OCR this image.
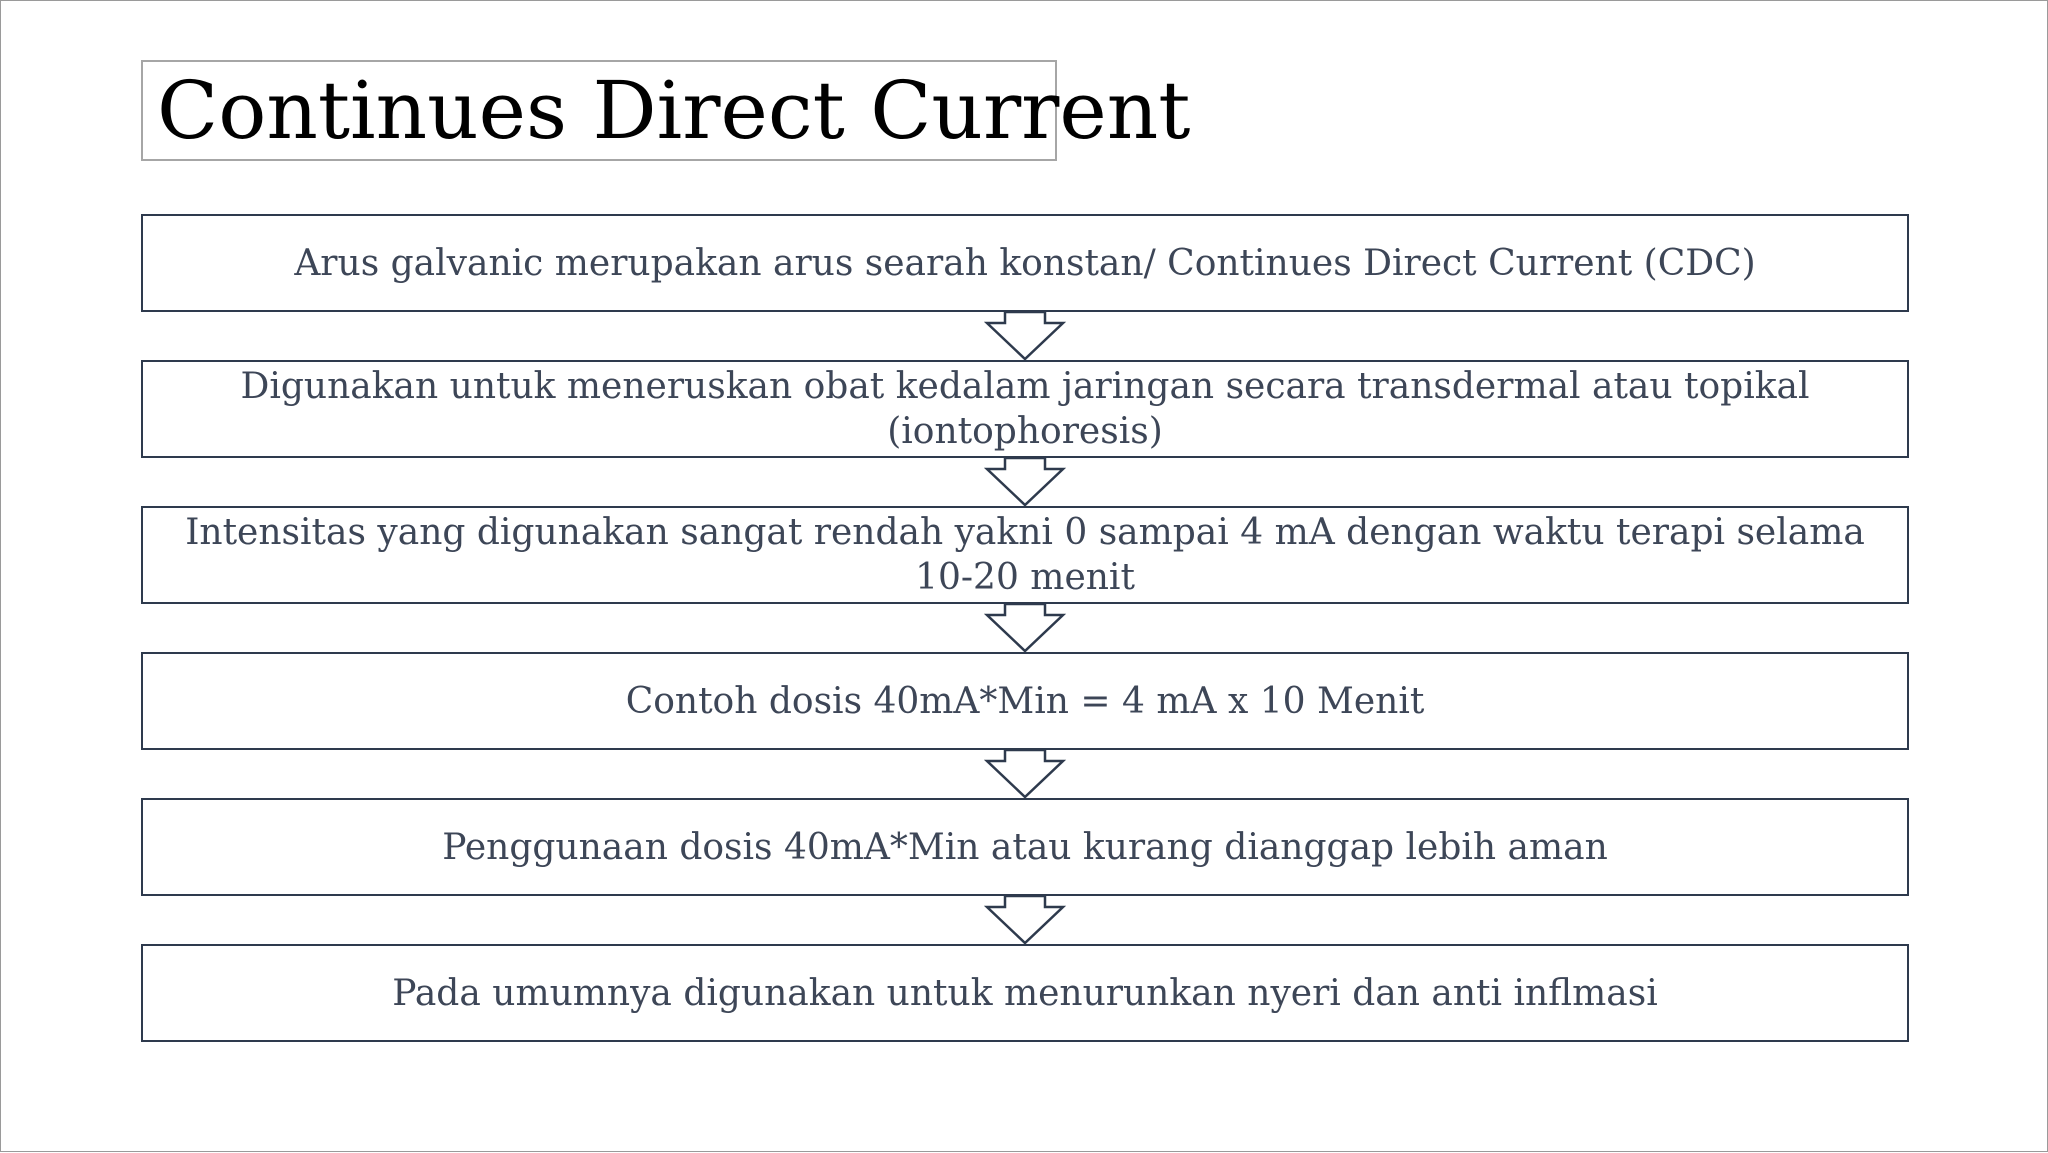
Continues Direct Current
Arus galvanic merupakan arus searah konstan/ Continues Direct Current (CDC)
Digunakan untuk meneruskan obat kedalam jaringan secara transdermal atau topikal (iontophoresis)
Intensitas yang digunakan sangat rendah yakni 0 sampai 4 mA dengan waktu terapi selama 10-20 menit
Contoh dosis 40mA*Min = 4 mA x 10 Menit
Penggunaan dosis 40mA*Min atau kurang dianggap lebih aman
Pada umumnya digunakan untuk menurunkan nyeri dan anti inflmasi
